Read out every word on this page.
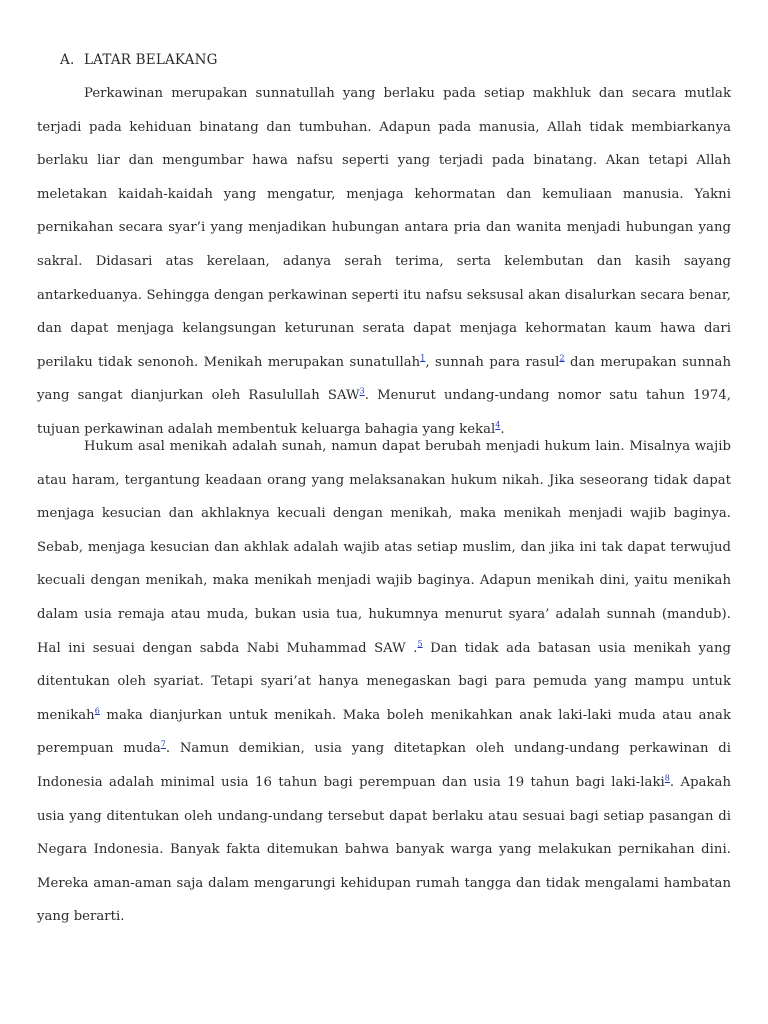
A. LATAR BELAKANG

Perkawinan merupakan sunnatullah yang berlaku pada setiap makhluk dan secara mutlak terjadi pada kehiduan binatang dan tumbuhan. Adapun pada manusia, Allah tidak membiarkanya berlaku liar dan mengumbar hawa nafsu seperti yang terjadi pada binatang. Akan tetapi Allah meletakan kaidah-kaidah yang mengatur, menjaga kehormatan dan kemuliaan manusia. Yakni pernikahan secara syar’i yang menjadikan hubungan antara pria dan wanita menjadi hubungan yang sakral. Didasari atas kerelaan, adanya serah terima, serta kelembutan dan kasih sayang antarkeduanya. Sehingga dengan perkawinan seperti itu nafsu seksusal akan disalurkan secara benar, dan dapat menjaga kelangsungan keturunan serata dapat menjaga kehormatan kaum hawa dari perilaku tidak senonoh. Menikah merupakan sunatullah$^1$, sunnah para rasul$^2$ dan merupakan sunnah yang sangat dianjurkan oleh Rasulullah SAW$^3$. Menurut undang-undang nomor satu tahun 1974, tujuan perkawinan adalah membentuk keluarga bahagia yang kekal$^4$.

Hukum asal menikah adalah sunah, namun dapat berubah menjadi hukum lain. Misalnya wajib atau haram, tergantung keadaan orang yang melaksanakan hukum nikah. Jika seseorang tidak dapat menjaga kesucian dan akhlaknya kecuali dengan menikah, maka menikah menjadi wajib baginya. Sebab, menjaga kesucian dan akhlak adalah wajib atas setiap muslim, dan jika ini tak dapat terwujud kecuali dengan menikah, maka menikah menjadi wajib baginya. Adapun menikah dini, yaitu menikah dalam usia remaja atau muda, bukan usia tua, hukumnya menurut syara’ adalah sunnah (mandub). Hal ini sesuai dengan sabda Nabi Muhammad SAW .$^5$ Dan tidak ada batasan usia menikah yang ditentukan oleh syariat. Tetapi syari’at hanya menegaskan bagi para pemuda yang mampu untuk menikah$^6$ maka dianjurkan untuk menikah. Maka boleh menikahkan anak laki-laki muda atau anak perempuan muda$^7$. Namun demikian, usia yang ditetapkan oleh undang-undang perkawinan di Indonesia adalah minimal usia 16 tahun bagi perempuan dan usia 19 tahun bagi laki-laki$^8$. Apakah usia yang ditentukan oleh undang-undang tersebut dapat berlaku atau sesuai bagi setiap pasangan di Negara Indonesia. Banyak fakta ditemukan bahwa banyak warga yang melakukan pernikahan dini. Mereka aman-aman saja dalam mengarungi kehidupan rumah tangga dan tidak mengalami hambatan yang berarti.
